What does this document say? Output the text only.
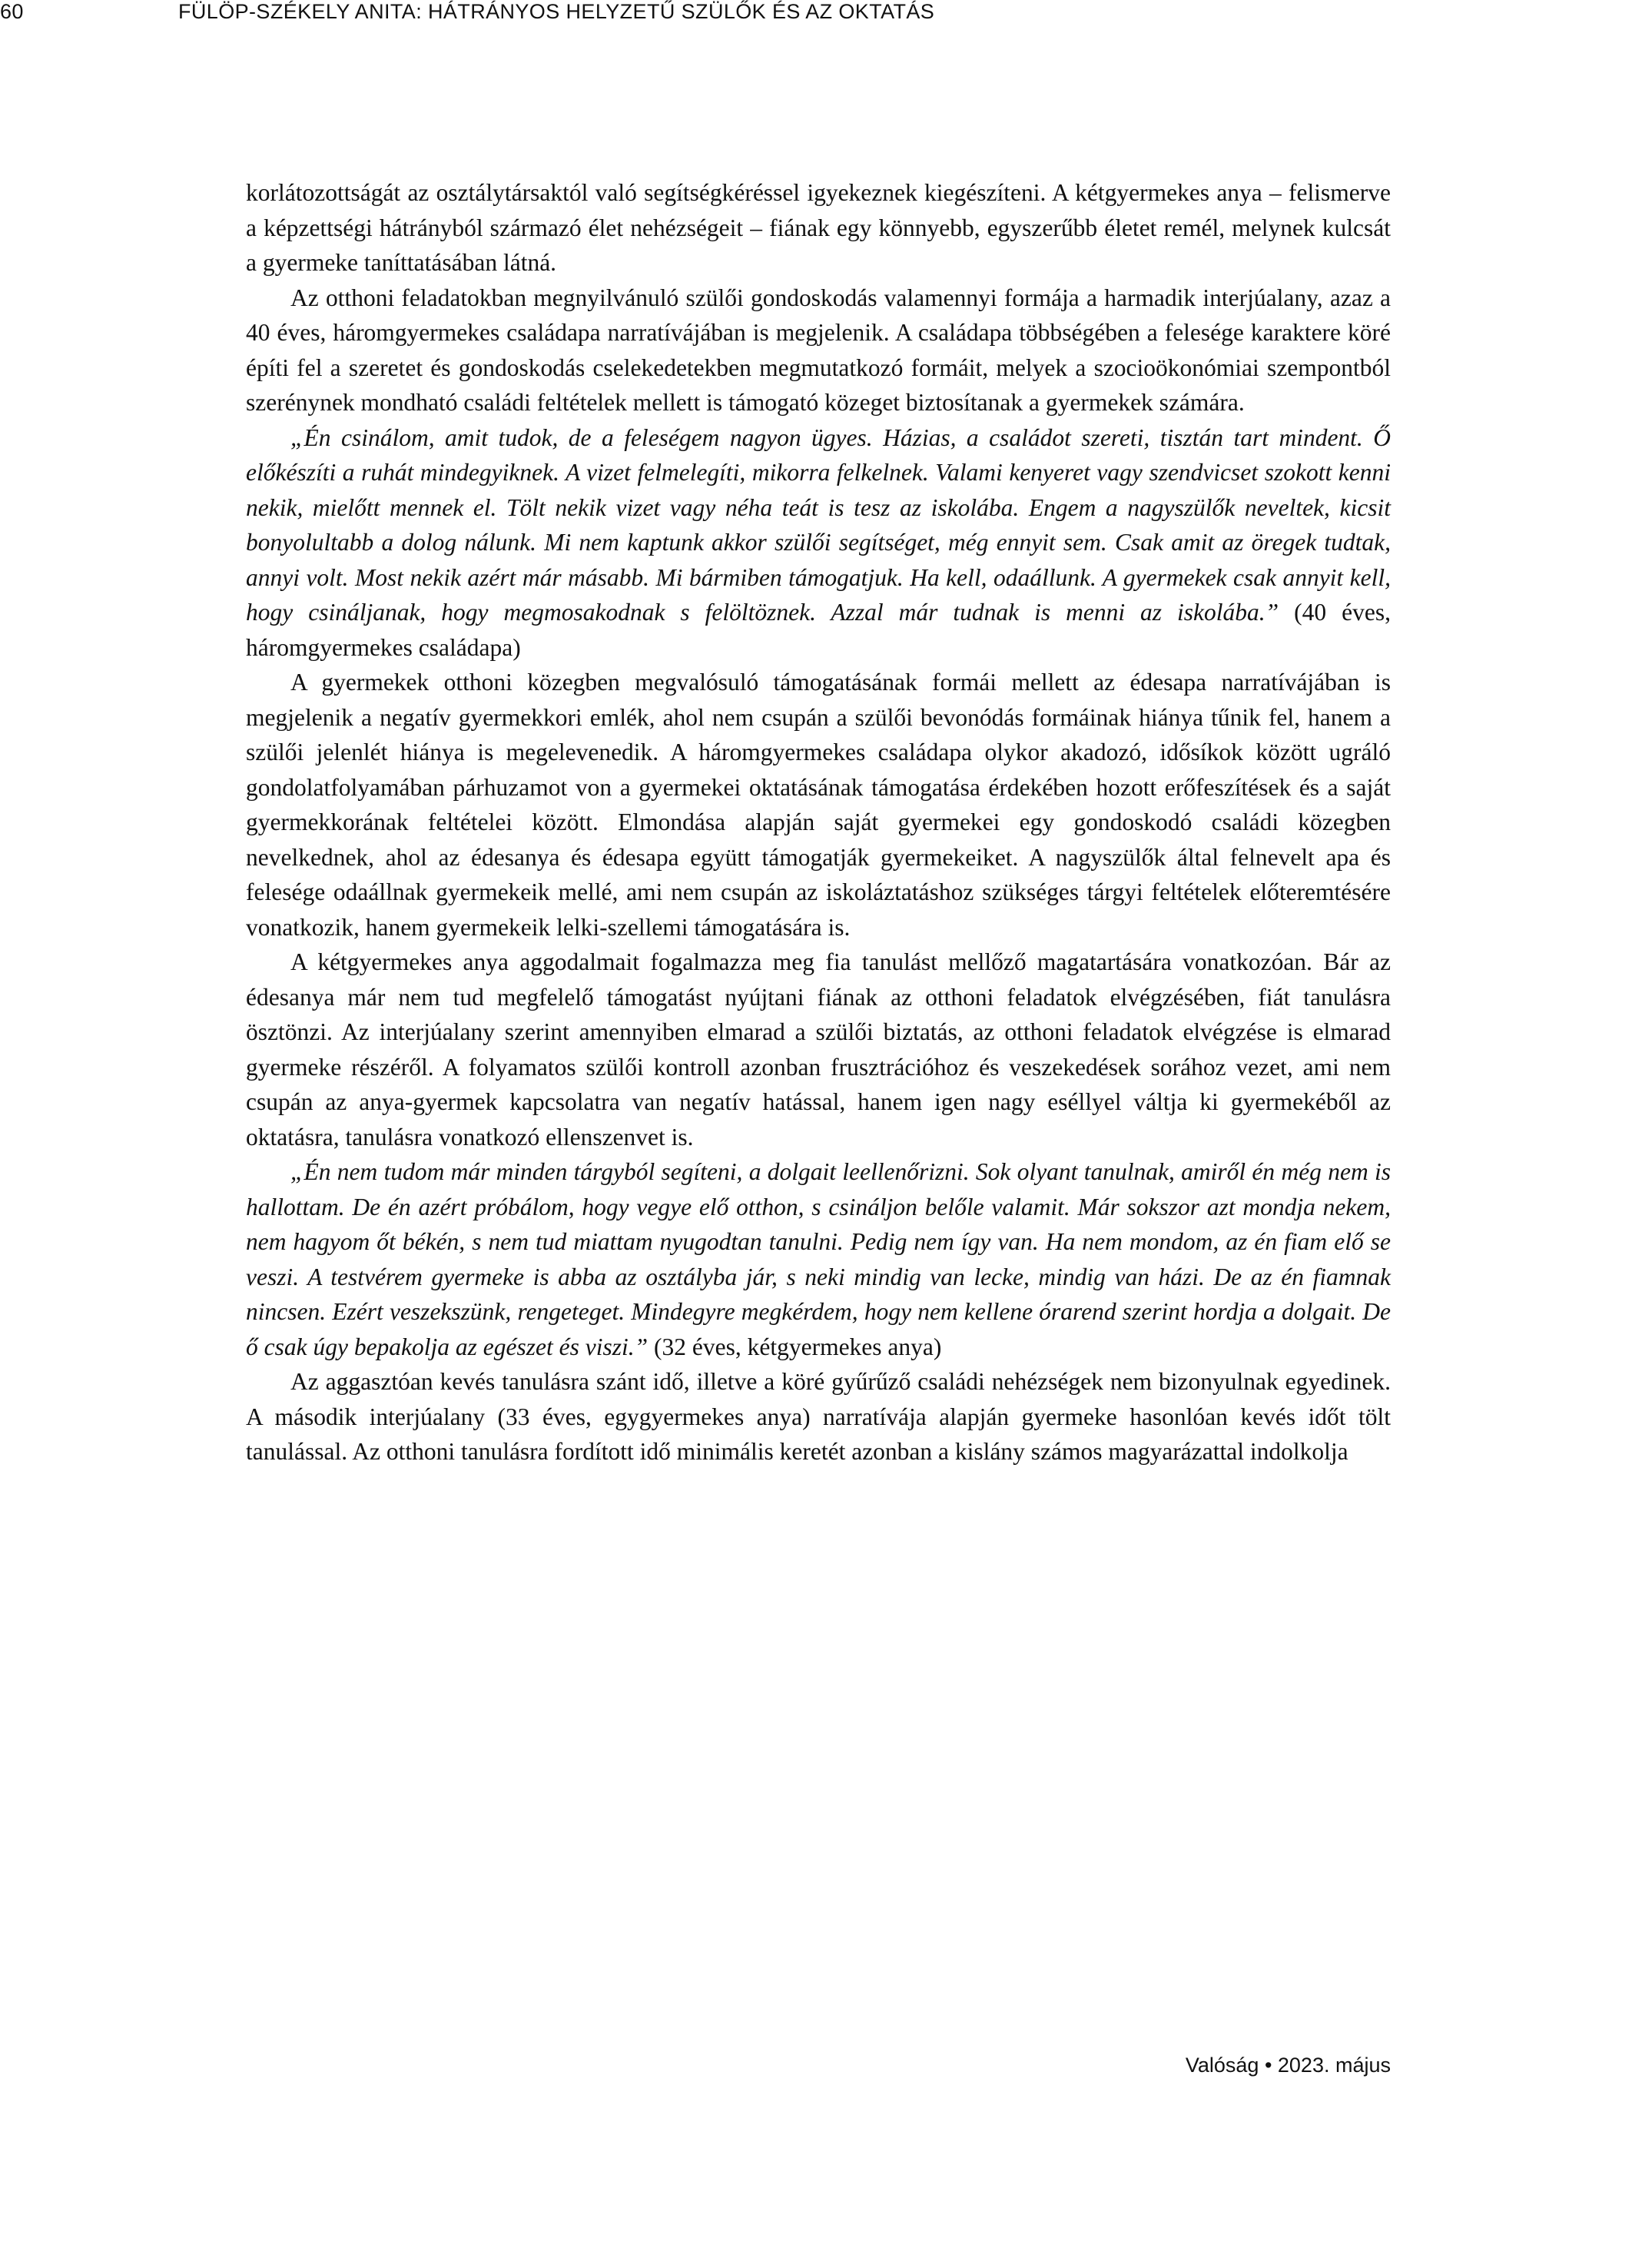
60	FÜLÖP-SZÉKELY ANITA: HÁTRÁNYOS HELYZETŰ SZÜLŐK ÉS AZ OKTATÁS

korlátozottságát az osztálytársaktól való segítségkéréssel igyekeznek kiegészíteni. A kétgyermekes anya – felismerve a képzettségi hátrányból származó élet nehézségeit – fiának egy könnyebb, egyszerűbb életet remél, melynek kulcsát a gyermeke taníttatásában látná.

Az otthoni feladatokban megnyilvánuló szülői gondoskodás valamennyi formája a harmadik interjúalany, azaz a 40 éves, háromgyermekes családapa narratívájában is megjelenik. A családapa többségében a felesége karaktere köré építi fel a szeretet és gondoskodás cselekedetekben megmutatkozó formáit, melyek a szocioökonómiai szempontból szerénynek mondható családi feltételek mellett is támogató közeget biztosítanak a gyermekek számára.

„Én csinálom, amit tudok, de a feleségem nagyon ügyes. Házias, a családot szereti, tisztán tart mindent. Ő előkészíti a ruhát mindegyiknek. A vizet felmelegíti, mikorra felkelnek. Valami kenyeret vagy szendvicset szokott kenni nekik, mielőtt mennek el. Tölt nekik vizet vagy néha teát is tesz az iskolába. Engem a nagyszülők neveltek, kicsit bonyolultabb a dolog nálunk. Mi nem kaptunk akkor szülői segítséget, még ennyit sem. Csak amit az öregek tudtak, annyi volt. Most nekik azért már másabb. Mi bármiben támogatjuk. Ha kell, odaállunk. A gyermekek csak annyit kell, hogy csináljanak, hogy megmosakodnak s felöltöznek. Azzal már tudnak is menni az iskolába.” (40 éves, háromgyermekes családapa)

A gyermekek otthoni közegben megvalósuló támogatásának formái mellett az édesapa narratívájában is megjelenik a negatív gyermekkori emlék, ahol nem csupán a szülői bevonódás formáinak hiánya tűnik fel, hanem a szülői jelenlét hiánya is megelevenedik. A háromgyermekes családapa olykor akadozó, idősíkok között ugráló gondolatfolyamában párhuzamot von a gyermekei oktatásának támogatása érdekében hozott erőfeszítések és a saját gyermekkorának feltételei között. Elmondása alapján saját gyermekei egy gondoskodó családi közegben nevelkednek, ahol az édesanya és édesapa együtt támogatják gyermekeiket. A nagyszülők által felnevelt apa és felesége odaállnak gyermekeik mellé, ami nem csupán az iskoláztatáshoz szükséges tárgyi feltételek előteremtésére vonatkozik, hanem gyermekeik lelki-szellemi támogatására is.

A kétgyermekes anya aggodalmait fogalmazza meg fia tanulást mellőző magatartására vonatkozóan. Bár az édesanya már nem tud megfelelő támogatást nyújtani fiának az otthoni feladatok elvégzésében, fiát tanulásra ösztönzi. Az interjúalany szerint amennyiben elmarad a szülői biztatás, az otthoni feladatok elvégzése is elmarad gyermeke részéről. A folyamatos szülői kontroll azonban frusztrációhoz és veszekedések sorához vezet, ami nem csupán az anya-gyermek kapcsolatra van negatív hatással, hanem igen nagy eséllyel váltja ki gyermekéből az oktatásra, tanulásra vonatkozó ellenszenvet is.

„Én nem tudom már minden tárgyból segíteni, a dolgait leellenőrizni. Sok olyant tanulnak, amiről én még nem is hallottam. De én azért próbálom, hogy vegye elő otthon, s csináljon belőle valamit. Már sokszor azt mondja nekem, nem hagyom őt békén, s nem tud miattam nyugodtan tanulni. Pedig nem így van. Ha nem mondom, az én fiam elő se veszi. A testvérem gyermeke is abba az osztályba jár, s neki mindig van lecke, mindig van házi. De az én fiamnak nincsen. Ezért veszekszünk, rengeteget. Mindegyre megkérdem, hogy nem kellene órarend szerint hordja a dolgait. De ő csak úgy bepakolja az egészet és viszi.” (32 éves, kétgyermekes anya)

Az aggasztóan kevés tanulásra szánt idő, illetve a köré gyűrűző családi nehézségek nem bizonyulnak egyedinek. A második interjúalany (33 éves, egygyermekes anya) narratívája alapján gyermeke hasonlóan kevés időt tölt tanulással. Az otthoni tanulásra fordított idő minimális keretét azonban a kislány számos magyarázattal indolkolja

Valóság • 2023. május
